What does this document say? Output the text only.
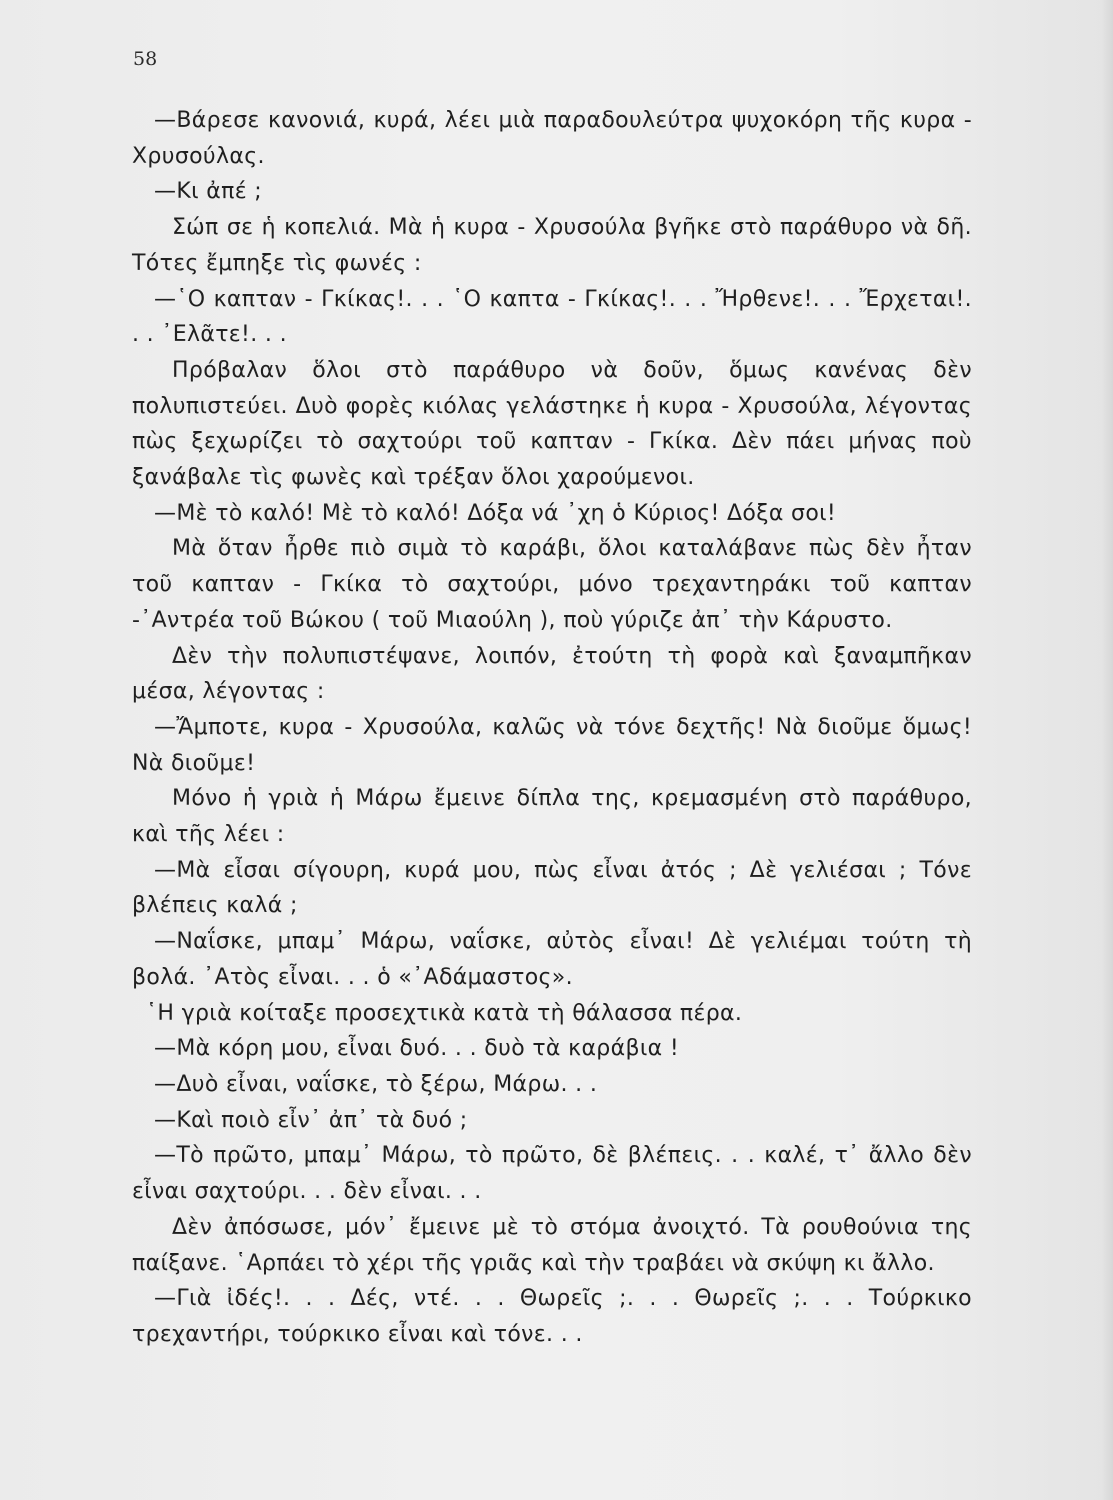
58

—Βάρεσε κανονιά, κυρά, λέει μιὰ παραδουλεύτρα ψυχοκόρη τῆς κυρα - Χρυσούλας.

—Κι ἀπέ ;

Σώπ σε ἡ κοπελιά. Μὰ ἡ κυρα - Χρυσούλα βγῆκε στὸ παράθυρο νὰ δῆ. Τότες ἔμπηξε τὶς φωνές :

—῾Ο καπταν - Γκίκας!. . . ῾Ο καπτα - Γκίκας!. . . Ἤρθενε!. . . Ἔρχεται!. . . ᾽Ελᾶτε!. . .

Πρόβαλαν ὅλοι στὸ παράθυρο νὰ δοῦν, ὅμως κανένας δὲν πολυπιστεύει. Δυὸ φορὲς κιόλας γελάστηκε ἡ κυρα - Χρυσούλα, λέγοντας πὼς ξεχωρίζει τὸ σαχτούρι τοῦ καπταν - Γκίκα. Δὲν πάει μήνας ποὺ ξανάβαλε τὶς φωνὲς καὶ τρέξαν ὅλοι χαρούμενοι.

—Μὲ τὸ καλό! Μὲ τὸ καλό! Δόξα νά ᾽χη ὁ Κύριος! Δόξα σοι!

Μὰ ὅταν ἦρθε πιὸ σιμὰ τὸ καράβι, ὅλοι καταλάβανε πὼς δὲν ἦταν τοῦ καπταν - Γκίκα τὸ σαχτούρι, μόνο τρεχαντηράκι τοῦ καπταν -᾽Αντρέα τοῦ Βώκου ( τοῦ Μιαούλη ), ποὺ γύριζε ἀπ᾽ τὴν Κάρυστο.

Δὲν τὴν πολυπιστέψανε, λοιπόν, ἐτούτη τὴ φορὰ καὶ ξαναμπῆκαν μέσα, λέγοντας :

—Ἄμποτε, κυρα - Χρυσούλα, καλῶς νὰ τόνε δεχτῆς! Νὰ διοῦμε ὅμως! Νὰ διοῦμε!

Μόνο ἡ γριὰ ἡ Μάρω ἔμεινε δίπλα της, κρεμασμένη στὸ παράθυρο, καὶ τῆς λέει :

—Μὰ εἶσαι σίγουρη, κυρά μου, πὼς εἶναι ἀτός ; Δὲ γελιέσαι ; Τόνε βλέπεις καλά ;

—Ναΐσκε, μπαμ᾽ Μάρω, ναΐσκε, αὐτὸς εἶναι! Δὲ γελιέμαι τούτη τὴ βολά. ᾽Ατὸς εἶναι. . . ὁ «᾽Αδάμαστος».

῾Η γριὰ κοίταξε προσεχτικὰ κατὰ τὴ θάλασσα πέρα.

—Μὰ κόρη μου, εἶναι δυό. . . δυὸ τὰ καράβια !

—Δυὸ εἶναι, ναΐσκε, τὸ ξέρω, Μάρω. . .

—Καὶ ποιὸ εἶν᾽ ἀπ᾽ τὰ δυό ;

—Τὸ πρῶτο, μπαμ᾽ Μάρω, τὸ πρῶτο, δὲ βλέπεις. . . καλέ, τ᾽ ἄλλο δὲν εἶναι σαχτούρι. . . δὲν εἶναι. . .

Δὲν ἀπόσωσε, μόν᾽ ἔμεινε μὲ τὸ στόμα ἀνοιχτό. Τὰ ρουθούνια της παίξανε. ῾Αρπάει τὸ χέρι τῆς γριᾶς καὶ τὴν τραβάει νὰ σκύψη κι ἄλλο.

—Γιὰ ἰδές!. . . Δές, ντέ. . . Θωρεῖς ;. . . Θωρεῖς ;. . . Τούρκικο τρεχαντήρι, τούρκικο εἶναι καὶ τόνε. . .
